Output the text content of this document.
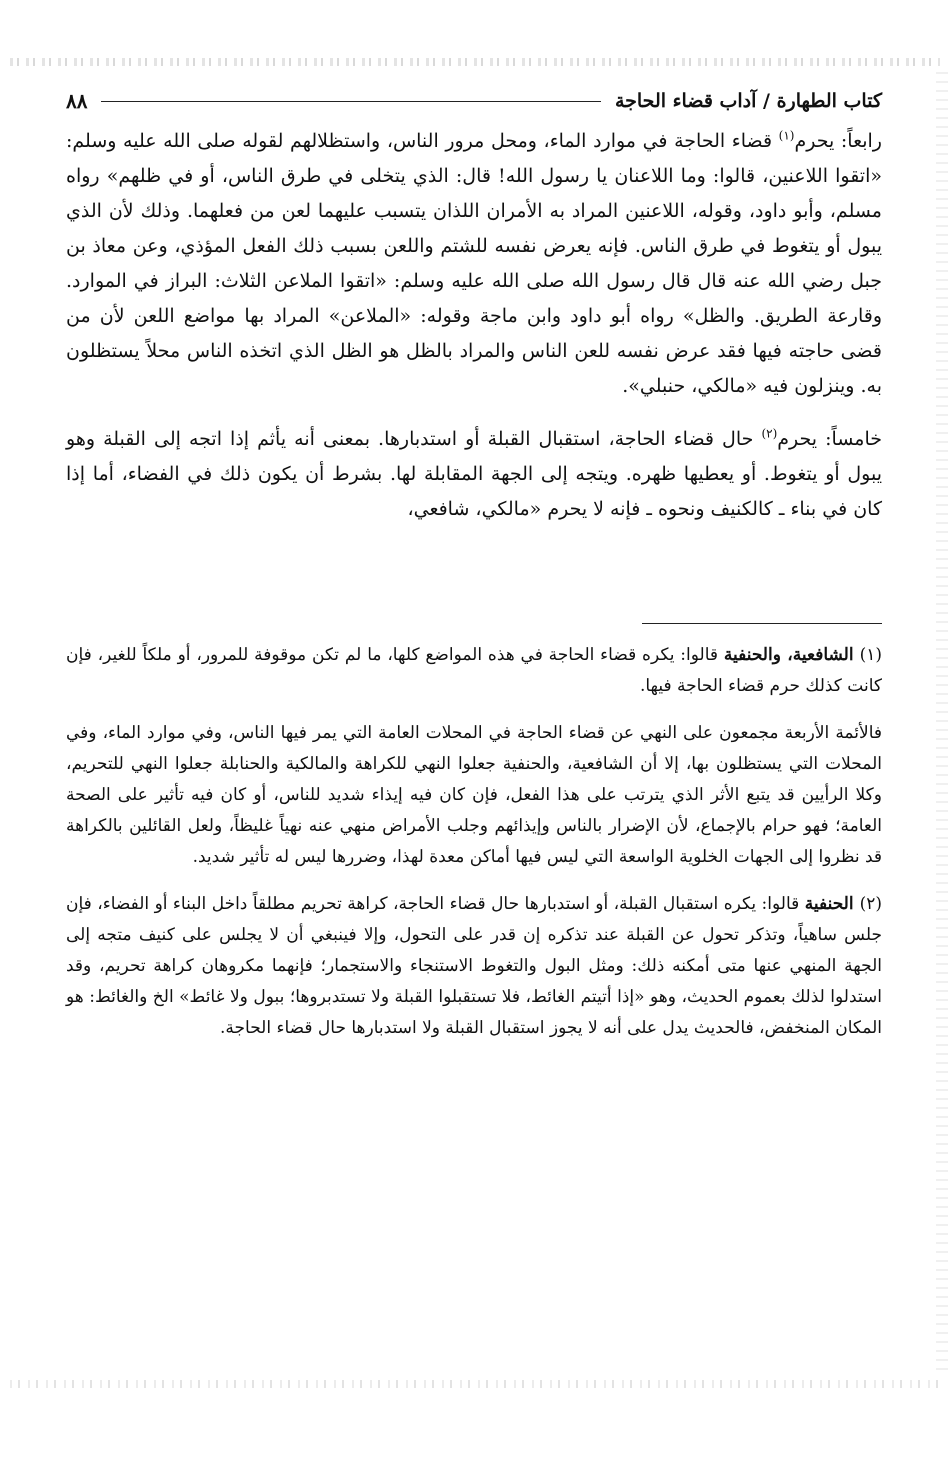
كتاب الطهارة / آداب قضاء الحاجة
٨٨

رابعاً: يحرم$^{(١)}$ قضاء الحاجة في موارد الماء، ومحل مرور الناس، واستظلالهم لقوله صلى الله عليه وسلم: «اتقوا اللاعنين، قالوا: وما اللاعنان يا رسول الله! قال: الذي يتخلى في طرق الناس، أو في ظلهم» رواه مسلم، وأبو داود، وقوله، اللاعنين المراد به الأمران اللذان يتسبب عليهما لعن من فعلهما. وذلك لأن الذي يبول أو يتغوط في طرق الناس. فإنه يعرض نفسه للشتم واللعن بسبب ذلك الفعل المؤذي، وعن معاذ بن جبل رضي الله عنه قال قال رسول الله صلى الله عليه وسلم: «اتقوا الملاعن الثلاث: البراز في الموارد. وقارعة الطريق. والظل» رواه أبو داود وابن ماجة وقوله: «الملاعن» المراد بها مواضع اللعن لأن من قضى حاجته فيها فقد عرض نفسه للعن الناس والمراد بالظل هو الظل الذي اتخذه الناس محلاً يستظلون به. وينزلون فيه «مالكي، حنبلي».

خامساً: يحرم$^{(٢)}$ حال قضاء الحاجة، استقبال القبلة أو استدبارها. بمعنى أنه يأثم إذا اتجه إلى القبلة وهو يبول أو يتغوط. أو يعطيها ظهره. ويتجه إلى الجهة المقابلة لها. بشرط أن يكون ذلك في الفضاء، أما إذا كان في بناء ـ كالكنيف ونحوه ـ فإنه لا يحرم «مالكي، شافعي،

(١)الشافعية، والحنفية قالوا: يكره قضاء الحاجة في هذه المواضع كلها، ما لم تكن موقوفة للمرور، أو ملكاً للغير، فإن كانت كذلك حرم قضاء الحاجة فيها.

فالأئمة الأربعة مجمعون على النهي عن قضاء الحاجة في المحلات العامة التي يمر فيها الناس، وفي موارد الماء، وفي المحلات التي يستظلون بها، إلا أن الشافعية، والحنفية جعلوا النهي للكراهة والمالكية والحنابلة جعلوا النهي للتحريم، وكلا الرأيين قد يتبع الأثر الذي يترتب على هذا الفعل، فإن كان فيه إيذاء شديد للناس، أو كان فيه تأثير على الصحة العامة؛ فهو حرام بالإجماع، لأن الإضرار بالناس وإيذائهم وجلب الأمراض منهي عنه نهياً غليظاً، ولعل القائلين بالكراهة قد نظروا إلى الجهات الخلوية الواسعة التي ليس فيها أماكن معدة لهذا، وضررها ليس له تأثير شديد.

(٢)الحنفية قالوا: يكره استقبال القبلة، أو استدبارها حال قضاء الحاجة، كراهة تحريم مطلقاً داخل البناء أو الفضاء، فإن جلس ساهياً، وتذكر تحول عن القبلة عند تذكره إن قدر على التحول، وإلا فينبغي أن لا يجلس على كنيف متجه إلى الجهة المنهي عنها متى أمكنه ذلك: ومثل البول والتغوط الاستنجاء والاستجمار؛ فإنهما مكروهان كراهة تحريم، وقد استدلوا لذلك بعموم الحديث، وهو «إذا أتيتم الغائط، فلا تستقبلوا القبلة ولا تستدبروها؛ ببول ولا غائط» الخ والغائط: هو المكان المنخفض، فالحديث يدل على أنه لا يجوز استقبال القبلة ولا استدبارها حال قضاء الحاجة.
